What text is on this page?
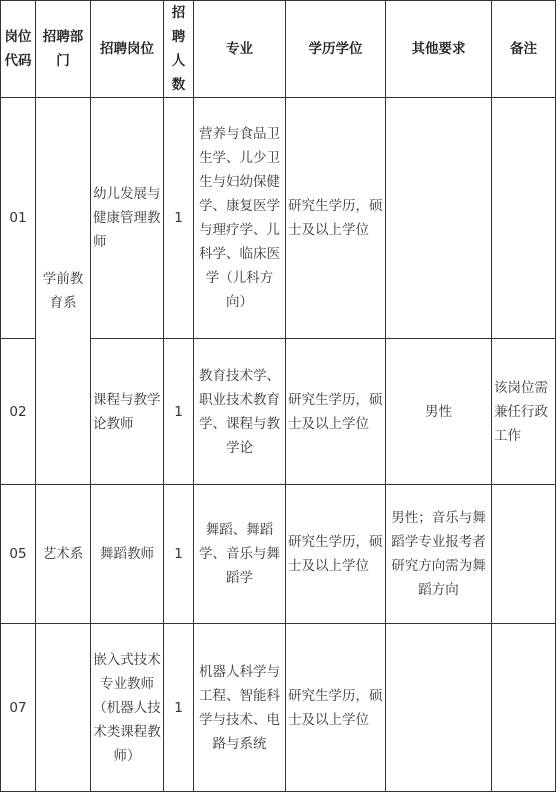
岗位代码	招聘部门	招聘岗位	招聘人数	专业	学历学位	其他要求	备注
01	学前教育系	幼儿发展与健康管理教师	1	营养与食品卫生学、儿少卫生与妇幼保健学、康复医学与理疗学、儿科学、临床医学（儿科方向）	研究生学历，硕士及以上学位		
02		课程与教学论教师	1	教育技术学、职业技术教育学、课程与教学论	研究生学历，硕士及以上学位	男性	该岗位需兼任行政工作
05	艺术系	舞蹈教师	1	舞蹈、舞蹈学、音乐与舞蹈学	研究生学历，硕士及以上学位	男性；音乐与舞蹈学专业报考者研究方向需为舞蹈方向	
07		嵌入式技术专业教师（机器人技术类课程教师）	1	机器人科学与工程、智能科学与技术、电路与系统	研究生学历，硕士及以上学位		
